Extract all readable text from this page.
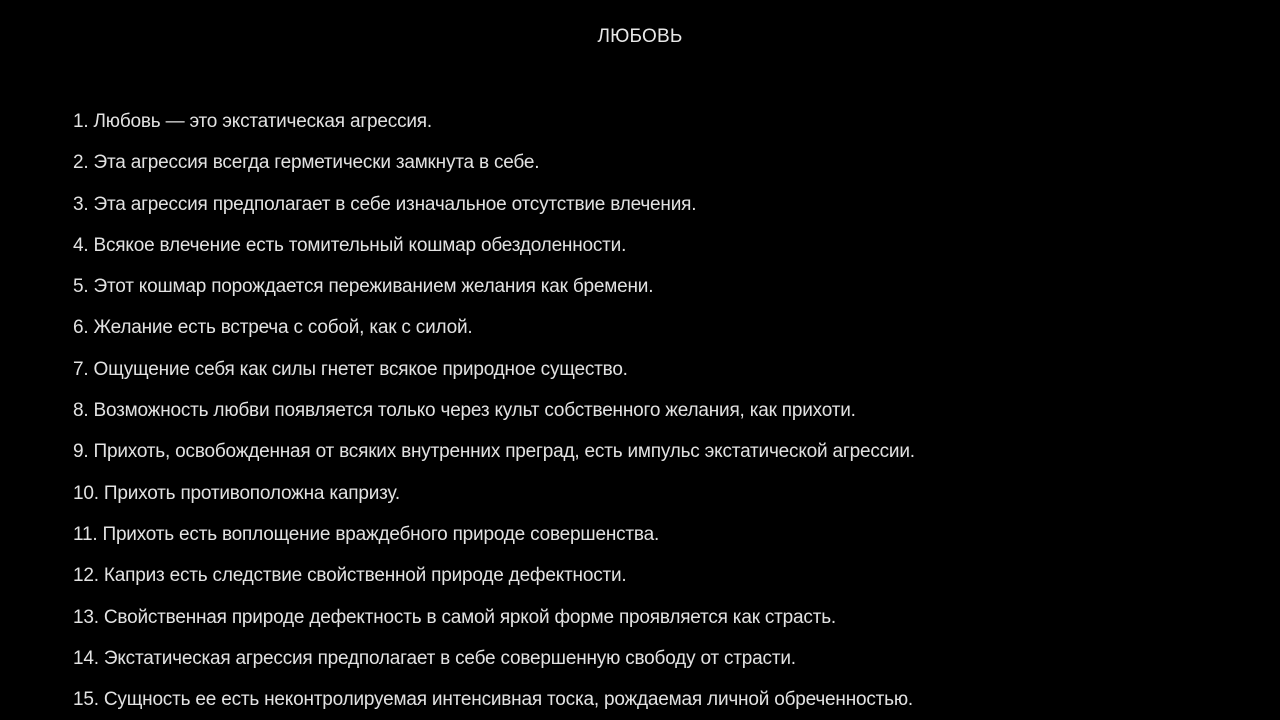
ЛЮБОВЬ
1. Любовь — это экстатическая агрессия.
2. Эта агрессия всегда герметически замкнута в себе.
3. Эта агрессия предполагает в себе изначальное отсутствие влечения.
4. Всякое влечение есть томительный кошмар обездоленности.
5. Этот кошмар порождается переживанием желания как бремени.
6. Желание есть встреча с собой, как с силой.
7. Ощущение себя как силы гнетет всякое природное существо.
8. Возможность любви появляется только через культ собственного желания, как прихоти.
9. Прихоть, освобожденная от всяких внутренних преград, есть импульс экстатической агрессии.
10. Прихоть противоположна капризу.
11. Прихоть есть воплощение враждебного природе совершенства.
12. Каприз есть следствие свойственной природе дефектности.
13. Свойственная природе дефектность в самой яркой форме проявляется как страсть.
14. Экстатическая агрессия предполагает в себе совершенную свободу от страсти.
15. Сущность ее есть неконтролируемая интенсивная тоска, рождаемая личной обреченностью.
